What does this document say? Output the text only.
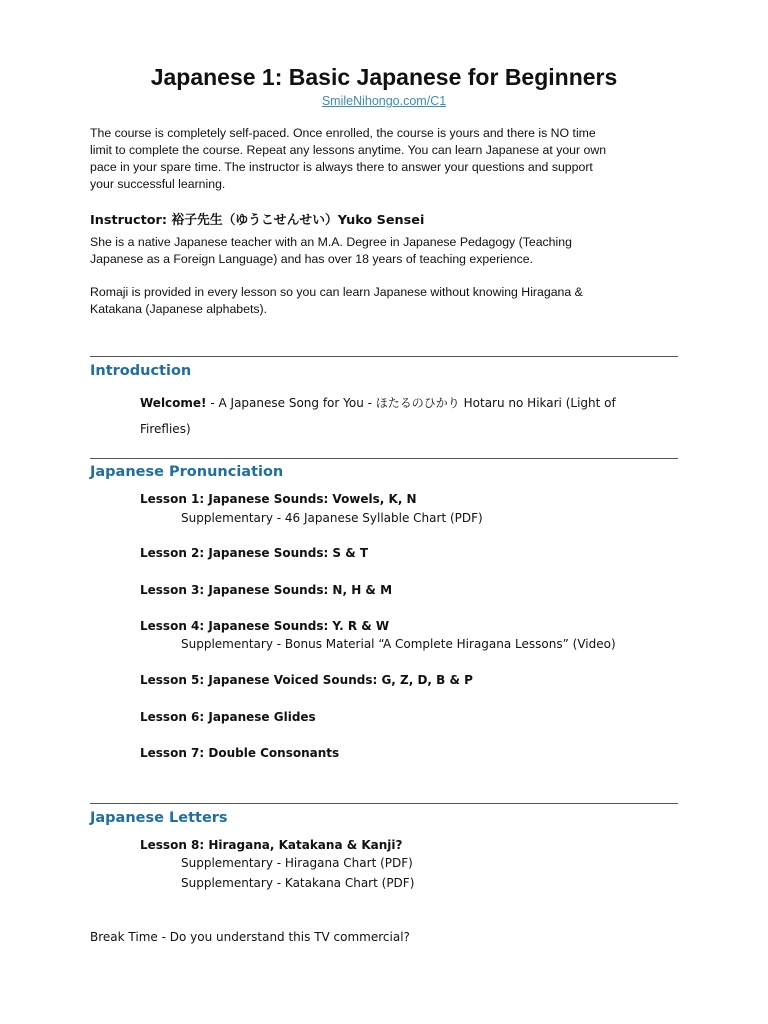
Japanese 1: Basic Japanese for Beginners
SmileNihongo.com/C1
The course is completely self-paced. Once enrolled, the course is yours and there is NO time
limit to complete the course. Repeat any lessons anytime. You can learn Japanese at your own
pace in your spare time. The instructor is always there to answer your questions and support
your successful learning.
Instructor: 裕子先生（ゆうこせんせい）Yuko Sensei
She is a native Japanese teacher with an M.A. Degree in Japanese Pedagogy (Teaching
Japanese as a Foreign Language) and has over 18 years of teaching experience.
Romaji is provided in every lesson so you can learn Japanese without knowing Hiragana &
Katakana (Japanese alphabets).
Introduction
Welcome! - A Japanese Song for You - ほたるのひかり Hotaru no Hikari (Light of
Fireflies)
Japanese Pronunciation
Lesson 1: Japanese Sounds: Vowels, K, N
Supplementary - 46 Japanese Syllable Chart (PDF)
Lesson 2: Japanese Sounds: S & T
Lesson 3: Japanese Sounds: N, H & M
Lesson 4: Japanese Sounds: Y. R & W
Supplementary - Bonus Material “A Complete Hiragana Lessons” (Video)
Lesson 5: Japanese Voiced Sounds: G, Z, D, B & P
Lesson 6: Japanese Glides
Lesson 7: Double Consonants
Japanese Letters
Lesson 8: Hiragana, Katakana & Kanji?
Supplementary - Hiragana Chart (PDF)
Supplementary - Katakana Chart (PDF)
Break Time - Do you understand this TV commercial?
